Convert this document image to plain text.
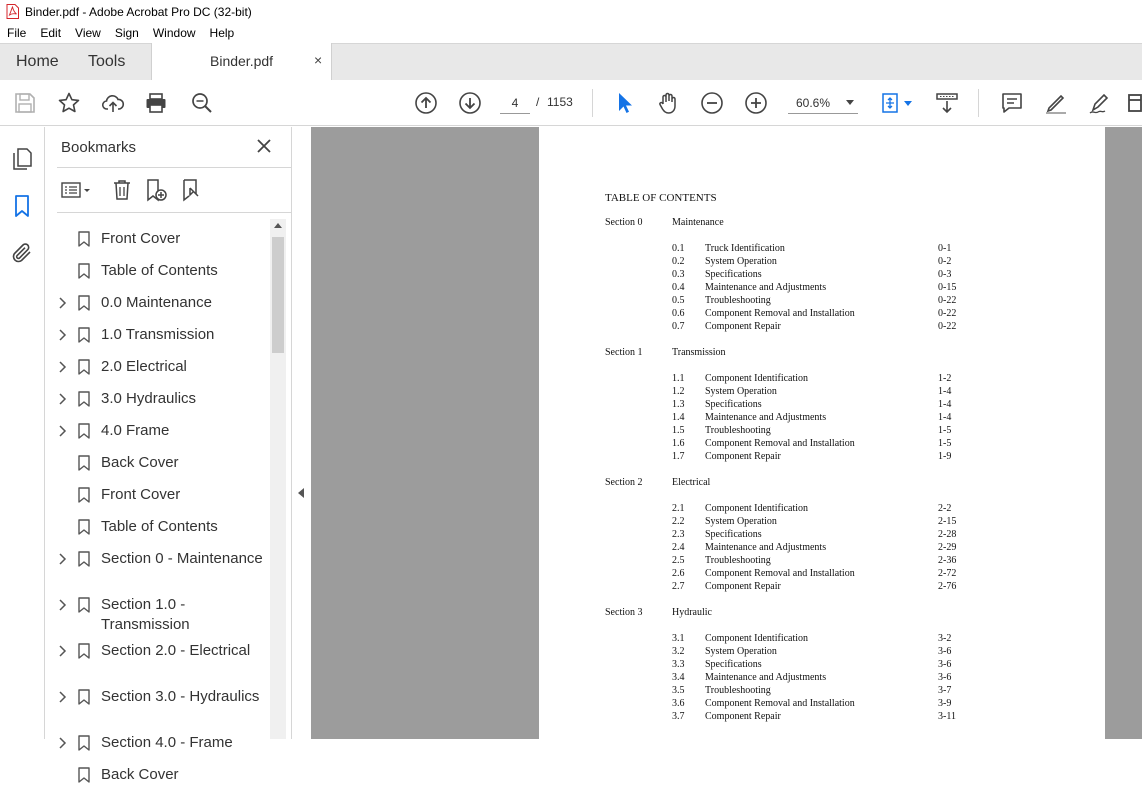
Binder.pdf - Adobe Acrobat Pro DC (32-bit)
File	Edit	View	Sign	Window	Help
Home Tools	Binder.pdf	×
4
/ 1153	60.6%
Bookmarks
Front Cover
Table of Contents
0.0 Maintenance
1.0 Transmission
2.0 Electrical
3.0 Hydraulics
4.0 Frame
Back Cover
Front Cover
Table of Contents
Section 0 - Maintenance
Section 1.0 - Transmission
Section 2.0 - Electrical
Section 3.0 - Hydraulics
Section 4.0 - Frame
Back Cover
TABLE OF CONTENTS
Section 0	Maintenance
0.1 Truck Identification	0-1
0.2 System Operation	0-2
0.3 Specifications	0-3
0.4 Maintenance and Adjustments	0-15
0.5 Troubleshooting	0-22
0.6 Component Removal and Installation	0-22
0.7 Component Repair	0-22
Section 1	Transmission
1.1 Component Identification	1-2
1.2 System Operation	1-4
1.3 Specifications	1-4
1.4 Maintenance and Adjustments	1-4
1.5 Troubleshooting	1-5
1.6 Component Removal and Installation	1-5
1.7 Component Repair	1-9
Section 2	Electrical
2.1 Component Identification	2-2
2.2 System Operation	2-15
2.3 Specifications	2-28
2.4 Maintenance and Adjustments	2-29
2.5 Troubleshooting	2-36
2.6 Component Removal and Installation	2-72
2.7 Component Repair	2-76
Section 3	Hydraulic
3.1 Component Identification	3-2
3.2 System Operation	3-6
3.3 Specifications	3-6
3.4 Maintenance and Adjustments	3-6
3.5 Troubleshooting	3-7
3.6 Component Removal and Installation	3-9
3.7 Component Repair	3-11
